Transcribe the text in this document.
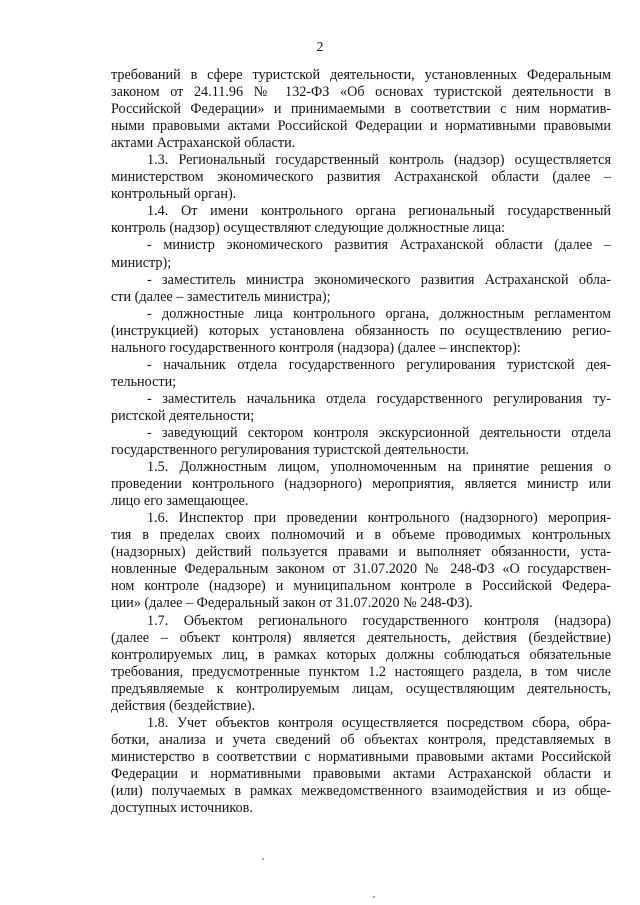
2
требований в сфере туристской деятельности, установленных Федеральным
законом от 24.11.96 № 132-ФЗ «Об основах туристской деятельности в
Российской Федерации» и принимаемыми в соответствии с ним норматив-
ными правовыми актами Российской Федерации и нормативными правовыми
актами Астраханской области.
1.3. Региональный государственный контроль (надзор) осуществляется
министерством экономического развития Астраханской области (далее –
контрольный орган).
1.4. От имени контрольного органа региональный государственный
контроль (надзор) осуществляют следующие должностные лица:
- министр экономического развития Астраханской области (далее –
министр);
- заместитель министра экономического развития Астраханской обла-
сти (далее – заместитель министра);
- должностные лица контрольного органа, должностным регламентом
(инструкцией) которых установлена обязанность по осуществлению регио-
нального государственного контроля (надзора) (далее – инспектор):
- начальник отдела государственного регулирования туристской дея-
тельности;
- заместитель начальника отдела государственного регулирования ту-
ристской деятельности;
- заведующий сектором контроля экскурсионной деятельности отдела
государственного регулирования туристской деятельности.
1.5. Должностным лицом, уполномоченным на принятие решения о
проведении контрольного (надзорного) мероприятия, является министр или
лицо его замещающее.
1.6. Инспектор при проведении контрольного (надзорного) мероприя-
тия в пределах своих полномочий и в объеме проводимых контрольных
(надзорных) действий пользуется правами и выполняет обязанности, уста-
новленные Федеральным законом от 31.07.2020 № 248-ФЗ «О государствен-
ном контроле (надзоре) и муниципальном контроле в Российской Федера-
ции» (далее – Федеральный закон от 31.07.2020 № 248-ФЗ).
1.7. Объектом регионального государственного контроля (надзора)
(далее – объект контроля) является деятельность, действия (бездействие)
контролируемых лиц, в рамках которых должны соблюдаться обязательные
требования, предусмотренные пунктом 1.2 настоящего раздела, в том числе
предъявляемые к контролируемым лицам, осуществляющим деятельность,
действия (бездействие).
1.8. Учет объектов контроля осуществляется посредством сбора, обра-
ботки, анализа и учета сведений об объектах контроля, представляемых в
министерство в соответствии с нормативными правовыми актами Российской
Федерации и нормативными правовыми актами Астраханской области и
(или) получаемых в рамках межведомственного взаимодействия и из обще-
доступных источников.
